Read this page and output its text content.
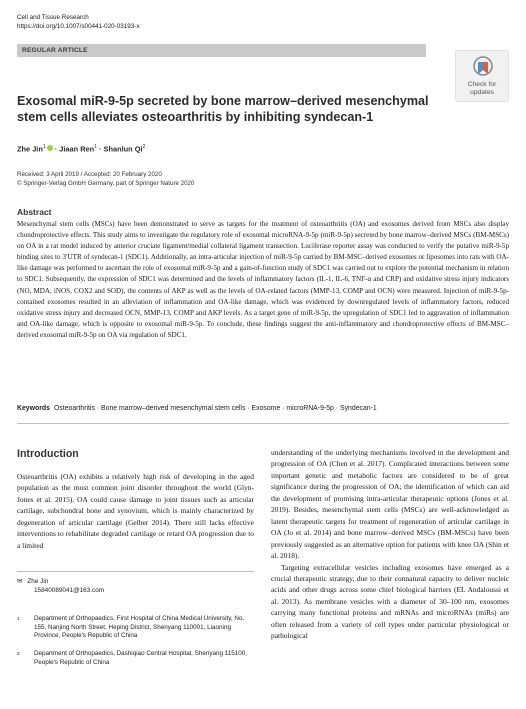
Cell and Tissue Research
https://doi.org/10.1007/s00441-020-03193-x
REGULAR ARTICLE
Check for
updates
Exosomal miR-9-5p secreted by bone marrow–derived mesenchymal stem cells alleviates osteoarthritis by inhibiting syndecan-1
Zhe Jin$^1$ · Jiaan Ren$^1$ · Shanlun Qi$^2$
Received: 3 April 2019 / Accepted: 20 February 2020
© Springer-Verlag GmbH Germany, part of Springer Nature 2020
Abstract
Mesenchymal stem cells (MSCs) have been demonstrated to serve as targets for the treatment of osteoarthritis (OA) and exosomes derived from MSCs also display chondroprotective effects. This study aims to investigate the regulatory role of exosomal microRNA-9-5p (miR-9-5p) secreted by bone marrow–derived MSCs (BM-MSCs) on OA in a rat model induced by anterior cruciate ligament/medial collateral ligament transection. Luciferase reporter assay was conducted to verify the putative miR-9-5p binding sites to 3′UTR of syndecan-1 (SDC1). Additionally, an intra-articular injection of miR-9-5p carried by BM-MSC–derived exosomes or liposomes into rats with OA-like damage was performed to ascertain the role of exosomal miR-9-5p and a gain-of-function study of SDC1 was carried out to explore the potential mechanism in relation to SDC1. Subsequently, the expression of SDC1 was determined and the levels of inflammatory factors (IL-1, IL-6, TNF-α and CRP) and oxidative stress injury indicators (NO, MDA, iNOS, COX2 and SOD), the contents of AKP as well as the levels of OA-related factors (MMP-13, COMP and OCN) were measured. Injection of miR-9-5p-contained exosomes resulted in an alleviation of inflammation and OA-like damage, which was evidenced by downregulated levels of inflammatory factors, reduced oxidative stress injury and decreased OCN, MMP-13, COMP and AKP levels. As a target gene of miR-9-5p, the upregulation of SDC1 led to aggravation of inflammation and OA-like damage, which is opposite to exosomal miR-9-5p. To conclude, these findings suggest the anti-inflammatory and chondroprotective effects of BM-MSC–derived exosomal miR-9-5p on OA via regulation of SDC1.
Keywords Osteoarthritis · Bone marrow–derived mesenchymal stem cells · Exosome · microRNA-9-5p · Syndecan-1
Introduction
Osteoarthritis (OA) exhibits a relatively high risk of developing in the aged population as the most common joint disorder throughout the world (Glyn-Jones et al. 2015). OA could cause damage to joint tissues such as articular cartilage, subchondral bone and synovium, which is mainly characterized by degeneration of articular cartilage (Gelber 2014). There still lacks effective interventions to rehabilitate degraded cartilage or retard OA progression due to a limited
✉ Zhe Jin
15840089041@163.com
1 Department of Orthopaedics, First Hospital of China Medical University, No. 155, Nanjing North Street, Heping District, Shenyang 110001, Liaoning Province, People's Republic of China
2 Department of Orthopaedics, Dashiqiao Central Hospital, Shenyang 115100, People's Republic of China

understanding of the underlying mechanisms involved in the development and progression of OA (Chen et al. 2017). Complicated interactions between some important genetic and metabolic factors are considered to be of great significance during the progression of OA; the identification of which can aid the development of promising intra-articular therapeutic options (Jones et al. 2019). Besides, mesenchymal stem cells (MSCs) are well-acknowledged as latent therapeutic targets for treatment of regeneration of articular cartilage in OA (Jo et al. 2014) and bone marrow–derived MSCs (BM-MSCs) have been previously suggested as an alternative option for patients with knee OA (Shin et al. 2018).

Targeting extracellular vesicles including exosomes have emerged as a crucial therapeutic strategy, due to their connatural capacity to deliver nucleic acids and other drugs across some chief biological barriers (EL Andaloussi et al. 2013). As membrane vesicles with a diameter of 30–100 nm, exosomes carrying many functional proteins and mRNAs and microRNAs (miRs) are often released from a variety of cell types under particular physiological or pathological
